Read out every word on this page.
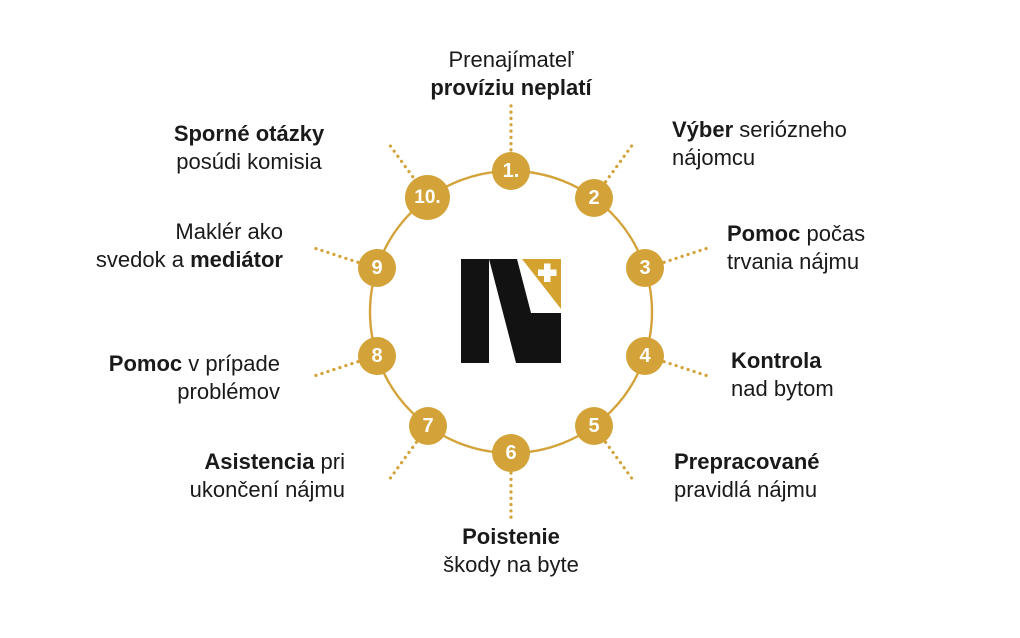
1.
2
3
4
5
6
7
8
9
10.
Prenajímateľ
províziu neplatí
Výber seriózneho
nájomcu
Pomoc počas
trvania nájmu
Kontrola
nad bytom
Prepracované
pravidlá nájmu
Poistenie
škody na byte
Asistencia pri
ukončení nájmu
Pomoc v prípade
problémov
Maklér ako
svedok a mediátor
Sporné otázky
posúdi komisia
